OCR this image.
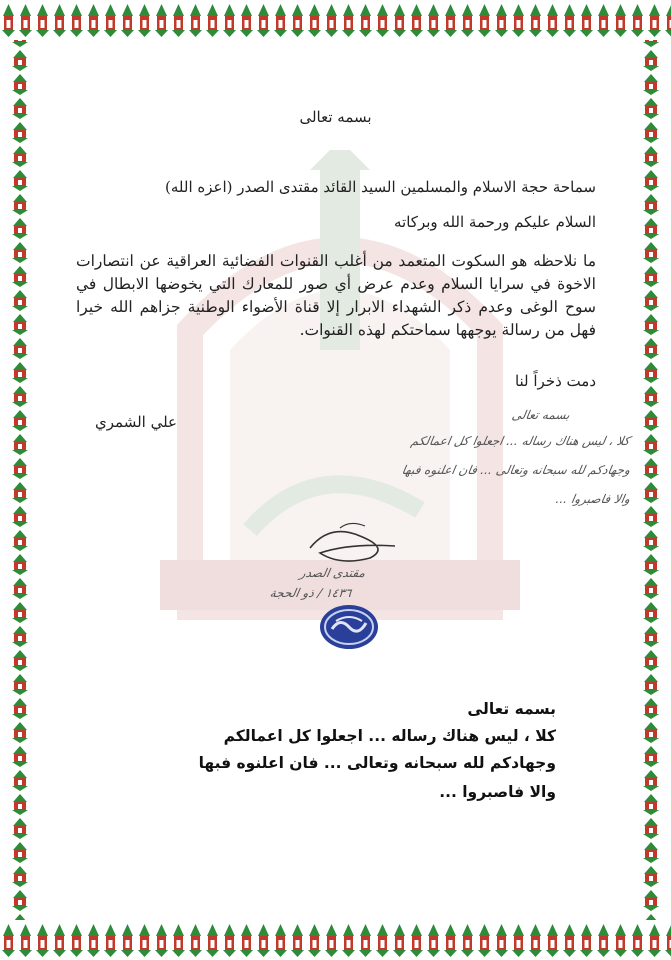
بسمه تعالى
سماحة حجة الاسلام والمسلمين السيد القائد مقتدى الصدر (اعزه الله)
السلام عليكم ورحمة الله وبركاته
ما نلاحظه هو السكوت المتعمد من أغلب القنوات الفضائية العراقية عن انتصارات الاخوة في سرايا السلام وعدم عرض أي صور للمعارك التي يخوضها الابطال في سوح الوغى وعدم ذكر الشهداء الابرار إلا قناة الأضواء الوطنية جزاهم الله خيرا فهل من رسالة يوجهها سماحتكم لهذه القنوات.
دمت ذخراً لنا
علي الشمري	بسمه تعالى
كلا ، ليس هناك رساله ... اجعلوا كل اعمالكم
وجهادكم لله سبحانه وتعالى ... فان اعلنوه فبها
والا فاصبروا ...
مقتدى الصدر
١٤٣٦ / ذو الحجة
بسمه تعالى
كلا ، ليس هناك رساله ... اجعلوا كل اعمالكم
وجهادكم لله سبحانه وتعالى ... فان اعلنوه فبها
والا فاصبروا ...
